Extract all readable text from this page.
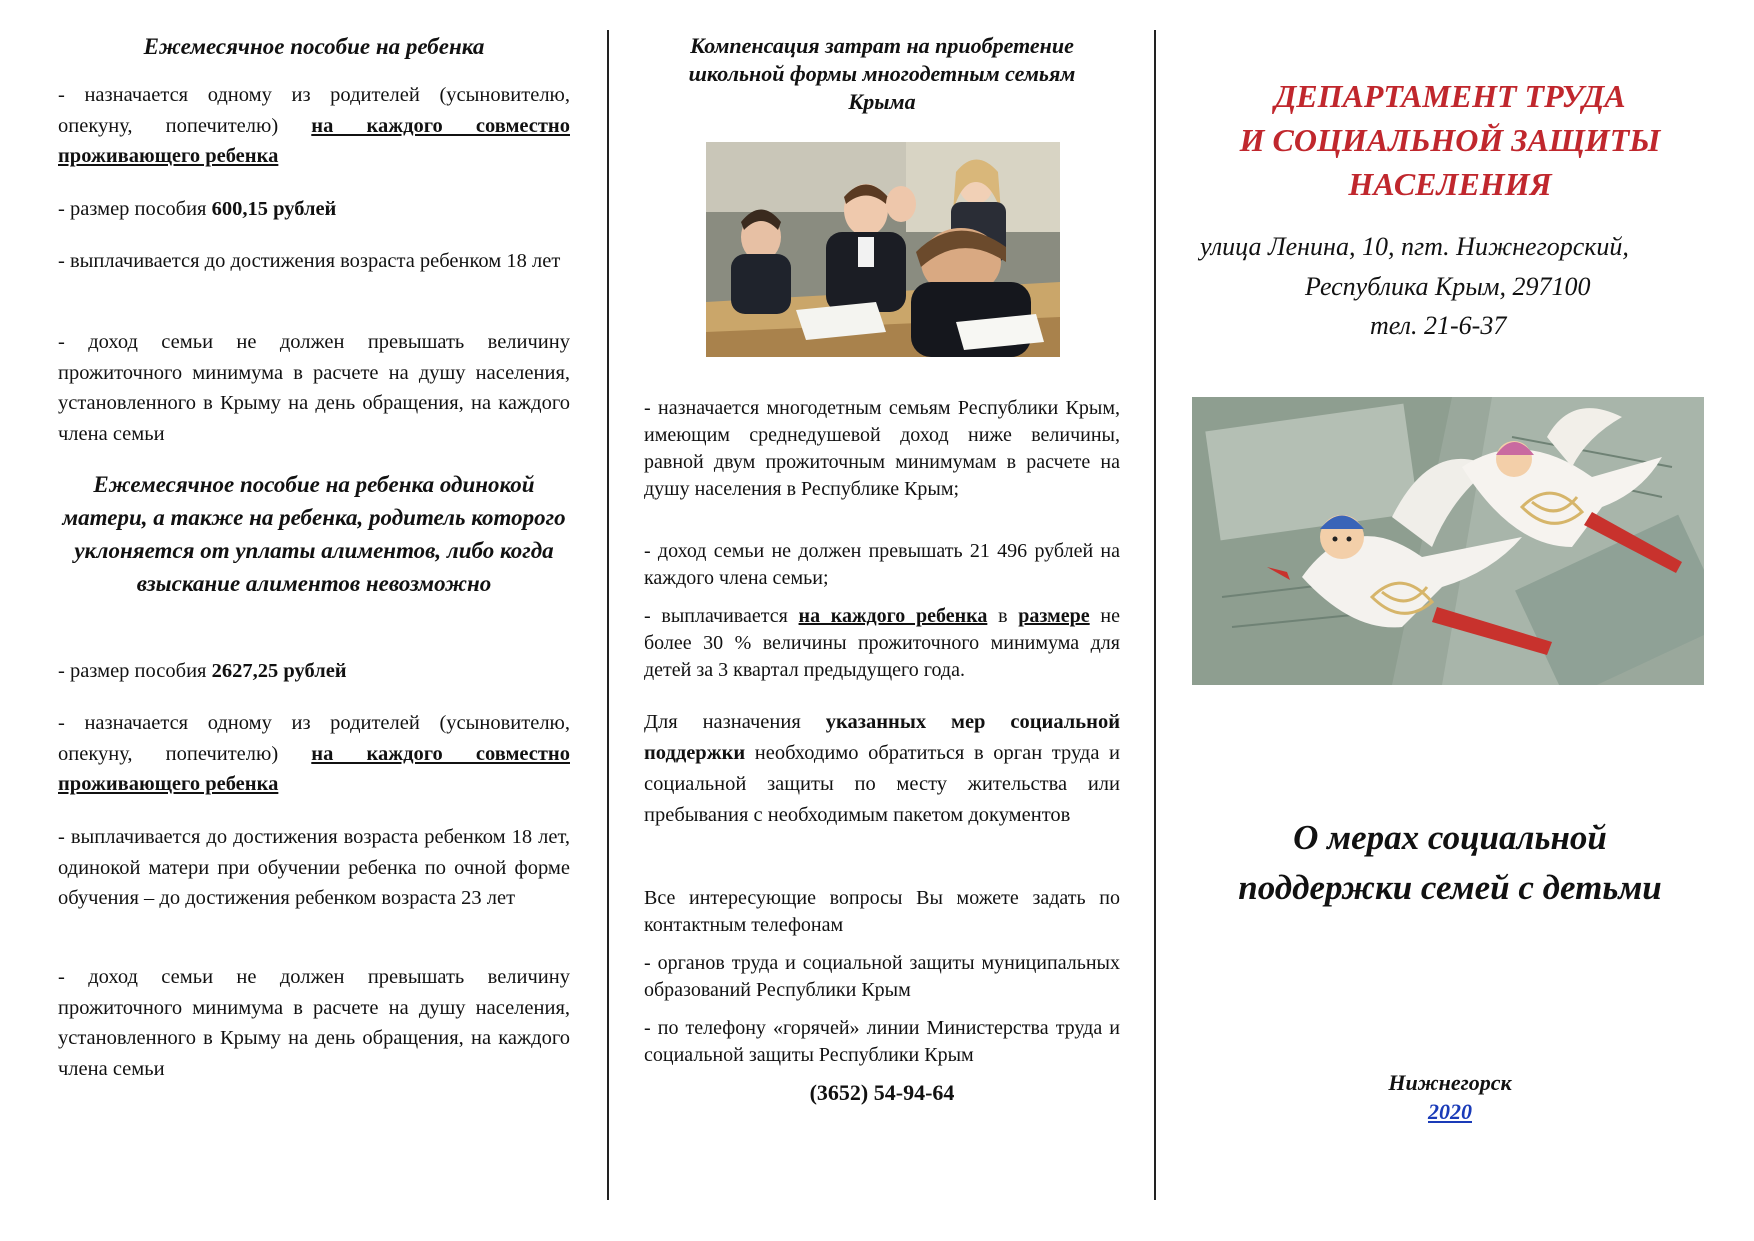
Ежемесячное пособие на ребенка

- назначается одному из родителей (усыновителю, опекуну, попечителю) на каждого совместно проживающего ребенка

- размер пособия 600,15 рублей

- выплачивается до достижения возраста ребенком 18 лет

- доход семьи не должен превышать величину прожиточного минимума в расчете на душу населения, установленного в Крыму на день обращения, на каждого члена семьи

Ежемесячное пособие на ребенка одинокой матери, а также на ребенка, родитель которого уклоняется от уплаты алиментов, либо когда взыскание алиментов невозможно

- размер пособия 2627,25 рублей

- назначается одному из родителей (усыновителю, опекуну, попечителю) на каждого совместно проживающего ребенка

- выплачивается до достижения возраста ребенком 18 лет, одинокой матери при обучении ребенка по очной форме обучения – до достижения ребенком возраста 23 лет

- доход семьи не должен превышать величину прожиточного минимума в расчете на душу населения, установленного в Крыму на день обращения, на каждого члена семьи

Компенсация затрат на приобретение школьной формы многодетным семьям Крыма

- назначается многодетным семьям Республики Крым, имеющим среднедушевой доход ниже величины, равной двум прожиточным минимумам в расчете на душу населения в Республике Крым;

- доход семьи не должен превышать 21 496 рублей на каждого члена семьи;

- выплачивается на каждого ребенка в размере не более 30 % величины прожиточного минимума для детей за 3 квартал предыдущего года.

Для назначения указанных мер социальной поддержки необходимо обратиться в орган труда и социальной защиты по месту жительства или пребывания с необходимым пакетом документов

Все интересующие вопросы Вы можете задать по контактным телефонам

- органов труда и социальной защиты муниципальных образований Республики Крым

- по телефону «горячей» линии Министерства труда и социальной защиты Республики Крым

(3652) 54-94-64
ДЕПАРТАМЕНТ ТРУДА
И СОЦИАЛЬНОЙ ЗАЩИТЫ
НАСЕЛЕНИЯ
улица Ленина, 10, пгт. Нижнегорский,
Республика Крым, 297100
тел. 21-6-37
О мерах социальной
поддержки семей с детьми
Нижнегорск
2020
